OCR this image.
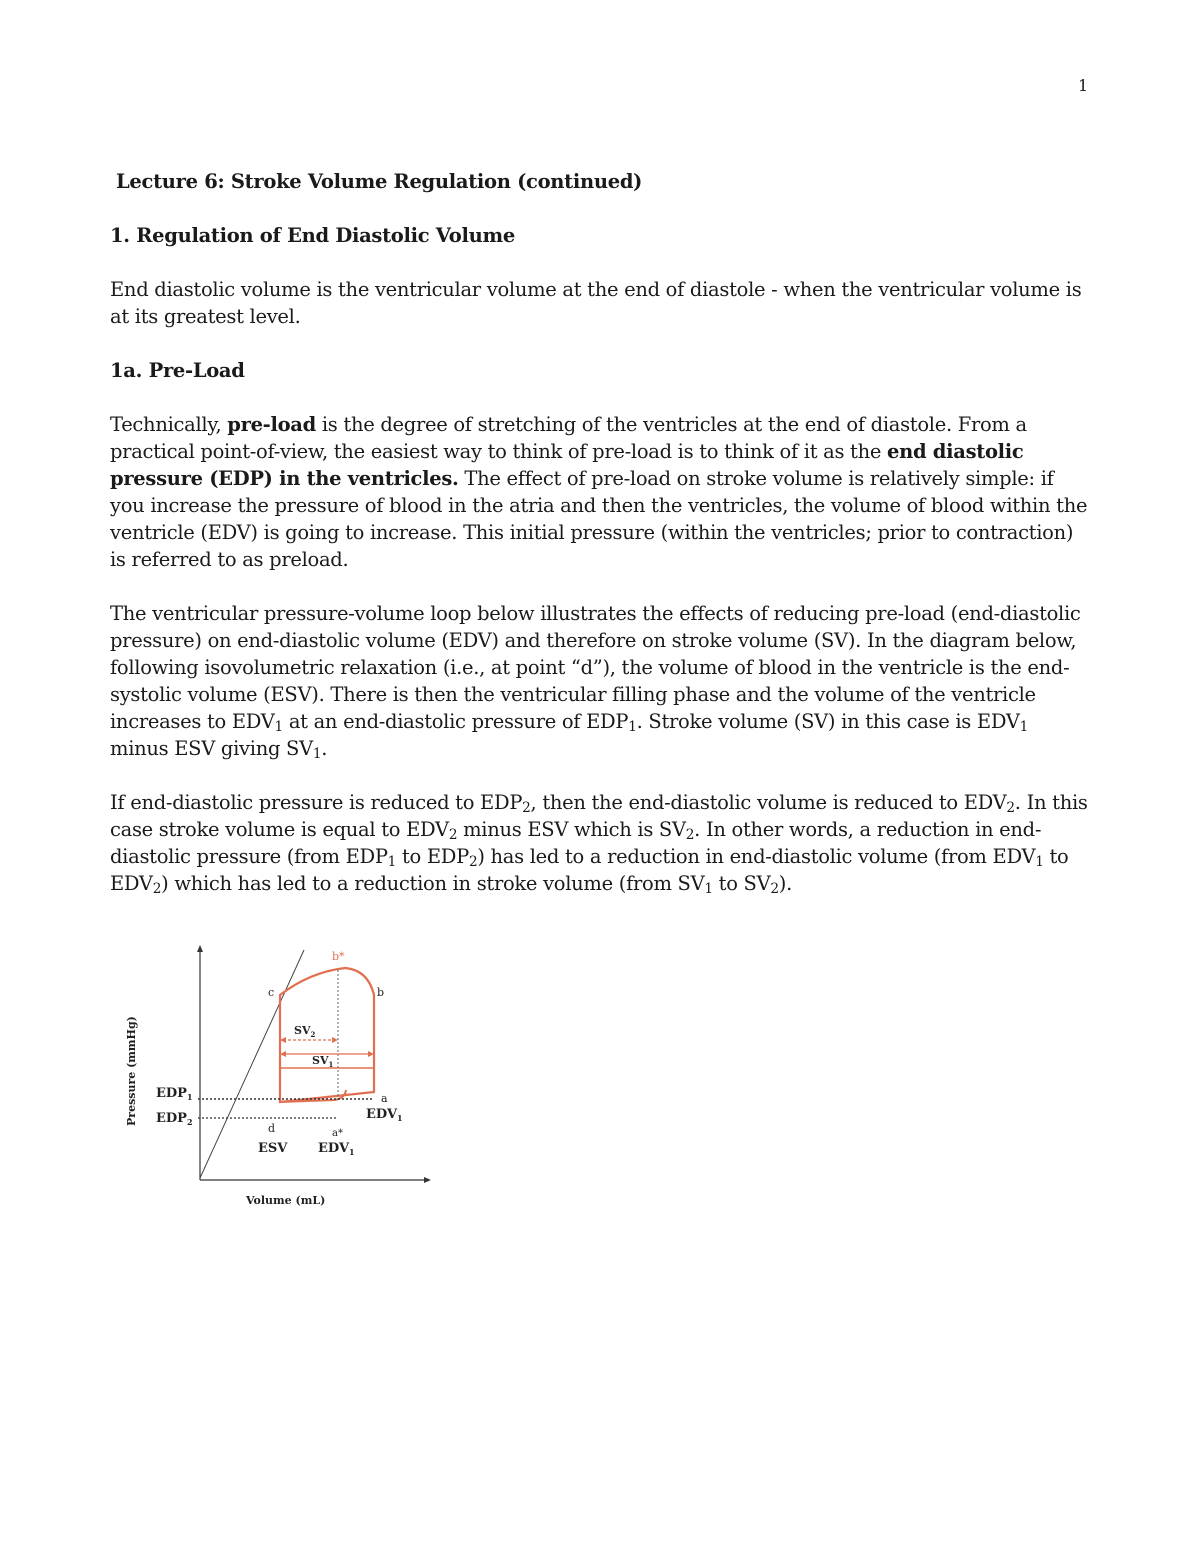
1
Lecture 6: Stroke Volume Regulation (continued)
1. Regulation of End Diastolic Volume

End diastolic volume is the ventricular volume at the end of diastole - when the ventricular volume is at its greatest level.

1a. Pre-Load

Technically, pre-load is the degree of stretching of the ventricles at the end of diastole. From a practical point-of-view, the easiest way to think of pre-load is to think of it as the end diastolic pressure (EDP) in the ventricles. The effect of pre-load on stroke volume is relatively simple: if you increase the pressure of blood in the atria and then the ventricles, the volume of blood within the ventricle (EDV) is going to increase. This initial pressure (within the ventricles; prior to contraction) is referred to as preload.

The ventricular pressure-volume loop below illustrates the effects of reducing pre-load (end-diastolic pressure) on end-diastolic volume (EDV) and therefore on stroke volume (SV). In the diagram below, following isovolumetric relaxation (i.e., at point “d”), the volume of blood in the ventricle is the end-systolic volume (ESV). There is then the ventricular filling phase and the volume of the ventricle increases to $EDV_1$ at an end-diastolic pressure of $EDP_1$. Stroke volume (SV) in this case is $EDV_1$ minus ESV giving $SV_1$.

If end-diastolic pressure is reduced to $EDP_2$, then the end-diastolic volume is reduced to $EDV_2$. In this case stroke volume is equal to $EDV_2$ minus ESV which is $SV_2$. In other words, a reduction in end-diastolic pressure (from $EDP_1$ to $EDP_2$) has led to a reduction in end-diastolic volume (from $EDV_1$ to $EDV_2$) which has led to a reduction in stroke volume (from $SV_1$ to $SV_2$).

b*
b
c
a
d	a*
$SV_2$
$SV_1$
$EDP_1$
$EDP_2$
ESV $EDV_1$
$EDV_1$
Pressure (mmHg)
Volume (mL)
